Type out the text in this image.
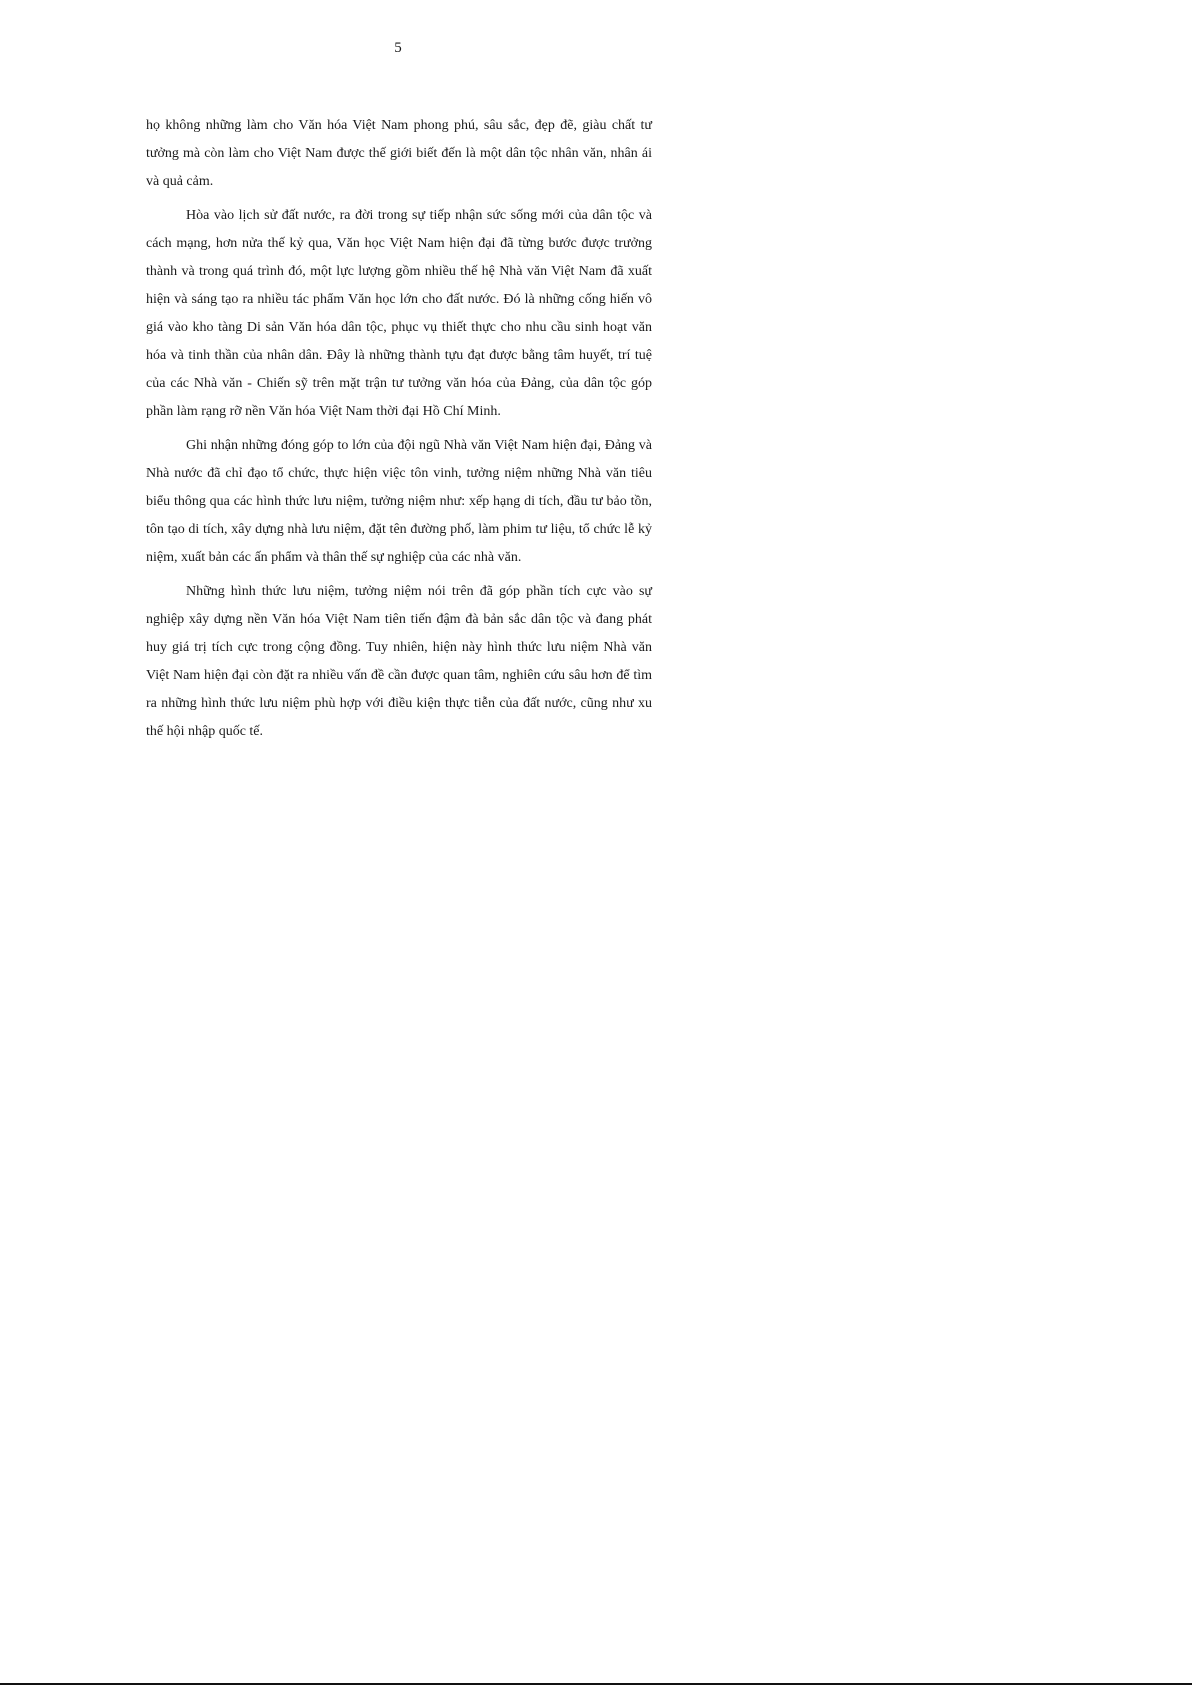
5

họ không những làm cho Văn hóa Việt Nam phong phú, sâu sắc, đẹp đẽ, giàu chất tư tưởng mà còn làm cho Việt Nam được thế giới biết đến là một dân tộc nhân văn, nhân ái và quả cảm.

Hòa vào lịch sử đất nước, ra đời trong sự tiếp nhận sức sống mới của dân tộc và cách mạng, hơn nửa thế kỷ qua, Văn học Việt Nam hiện đại đã từng bước được trưởng thành và trong quá trình đó, một lực lượng gồm nhiều thế hệ Nhà văn Việt Nam đã xuất hiện và sáng tạo ra nhiều tác phẩm Văn học lớn cho đất nước. Đó là những cống hiến vô giá vào kho tàng Di sản Văn hóa dân tộc, phục vụ thiết thực cho nhu cầu sinh hoạt văn hóa và tinh thần của nhân dân. Đây là những thành tựu đạt được bằng tâm huyết, trí tuệ của các Nhà văn - Chiến sỹ trên mặt trận tư tưởng văn hóa của Đảng, của dân tộc góp phần làm rạng rỡ nền Văn hóa Việt Nam thời đại Hồ Chí Minh.

Ghi nhận những đóng góp to lớn của đội ngũ Nhà văn Việt Nam hiện đại, Đảng và Nhà nước đã chỉ đạo tổ chức, thực hiện việc tôn vinh, tưởng niệm những Nhà văn tiêu biểu thông qua các hình thức lưu niệm, tưởng niệm như: xếp hạng di tích, đầu tư bảo tồn, tôn tạo di tích, xây dựng nhà lưu niệm, đặt tên đường phố, làm phim tư liệu, tổ chức lễ kỷ niệm, xuất bản các ấn phẩm và thân thế sự nghiệp của các nhà văn.

Những hình thức lưu niệm, tưởng niệm nói trên đã góp phần tích cực vào sự nghiệp xây dựng nền Văn hóa Việt Nam tiên tiến đậm đà bản sắc dân tộc và đang phát huy giá trị tích cực trong cộng đồng. Tuy nhiên, hiện này hình thức lưu niệm Nhà văn Việt Nam hiện đại còn đặt ra nhiều vấn đề cần được quan tâm, nghiên cứu sâu hơn để tìm ra những hình thức lưu niệm phù hợp với điều kiện thực tiễn của đất nước, cũng như xu thế hội nhập quốc tế.
